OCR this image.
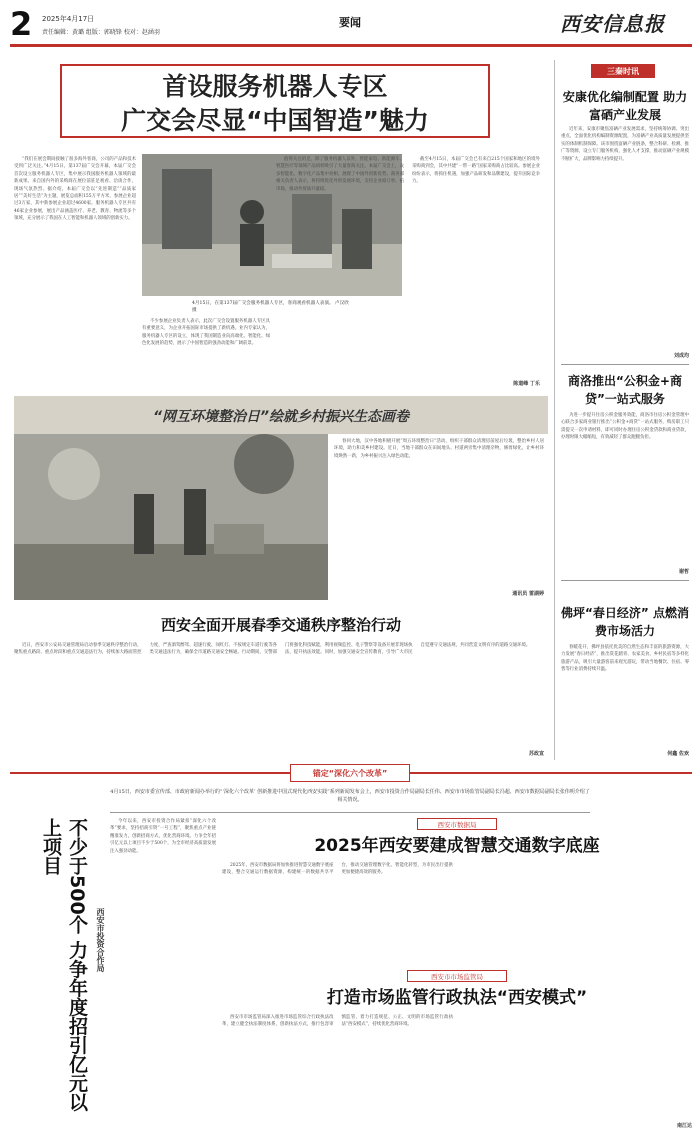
2 2025年4月17日
责任编辑：黄璐 组版：郭晓锋 校对：赵涵羽
要闻	西安信息报
首设服务机器人专区
广交会尽显“中国智造”魅力

“我们在展会期间接触了很多海外客商，公司的产品和技术受到广泛关注。”4月15日，第137届广交会开幕，本届广交会首次设立服务机器人专区，集中展示我国服务机器人领域的最新成果。来自国内外的采购商在展位前驻足观看、洽谈合作，现场气氛热烈。据介绍，本届广交会以“先进制造”“品质家居”“美好生活”为主题，展览总面积155万平方米，参展企业超过3万家，其中新参展企业超过4600家。服务机器人专区共有46家企业参展，展出产品涵盖医疗、养老、教育、物流等多个领域，充分展示了我国在人工智能和机器人领域的创新实力。

4月15日，在第137届广交会服务机器人专区，客商观看机器人表演。 卢汉欣 摄

不少参展企业负责人表示，此次广交会设置服务机器人专区具有重要意义，为企业开拓国际市场提供了新机遇。业内专家认为，服务机器人专区的设立，体现了我国制造业向高端化、智能化、绿色化发展的趋势，展示了中国智造的强劲动能和广阔前景。

值得关注的是，除了服务机器人以外，智能家电、新能源车、智慧医疗等领域产品同样吸引了大量客商关注。本届广交会上，众多智能化、数字化产品集中亮相，展现了中国外贸新优势。商务部相关负责人表示，将持续优化外贸发展环境，支持企业稳订单、拓市场，推动外贸质升量稳。

截至4月15日，本届广交会已有来自215个国家和地区的境外采购商到会，其中共建“一带一路”国家采购商占比较高。参展企业纷纷表示，将抓住机遇，加强产品研发和品牌建设，提升国际竞争力。

陈道峰 丁乐
“网互环境整治日”绘就乡村振兴生态画卷

春回大地，汉中各地积极开展“周五环境整治日”活动，组织干部群众清理房前屋后垃圾，整治乡村人居环境，助力和美乡村建设。近日，当地干部群众在田间地头、村道两旁集中清理杂物，修剪绿化，让乡村环境焕然一新，为乡村振兴注入绿色动能。

通讯员 雷湖婷
西安全面开展春季交通秩序整治行动

近日，西安市公安局交通管理局启动春季交通秩序整治行动，聚焦重点路段、重点时段和重点交通违法行为，持续加大路面管控力度，严查酒驾醉驾、超速行驶、闯红灯、不按规定车道行驶等各类交通违法行为，确保全市道路交通安全畅通。行动期间，交警部门将强化科技赋能，利用视频监控、电子警察等设备开展非现场执法，提升执法效能。同时，加强交通安全宣传教育，引导广大市民自觉遵守交通法规，共同营造文明有序的道路交通环境。

苏政宣
三秦时讯
安康优化编制配置 助力富硒产业发展

近年来，安康市聚焦富硒产业发展需求，坚持统筹协调、突出重点，全面优化机构编制资源配置，为富硒产业高质量发展提供坚实的体制机制保障。该市围绕富硒产业链条，整合科研、检测、推广等资源，设立专门服务机构，强化人才支撑，推动富硒产业规模不断扩大，品牌影响力持续提升。

刘成均
商洛推出“公积金+商贷”一站式服务

为进一步提升住房公积金服务效能，商洛市住房公积金管理中心联合多家商业银行推出“公积金+商贷”一站式服务，购房职工只需提交一次申请材料，即可同时办理住房公积金贷款和商业贷款，办理时限大幅缩短，有效减轻了群众跑腿负担。

谢哲
佛坪“春日经济” 点燃消费市场活力

春暖花开，佛坪县依托优美的自然生态和丰富的旅游资源，大力发展“春日经济”，推出赏花踏青、农家美食、乡村民宿等多样化旅游产品，吸引大量游客前来观光游玩，带动当地餐饮、住宿、零售等行业消费持续升温。

何鑫 佐欢
锚定“深化六个改革”
4月15日，西安市委宣传部、市政府新闻办举行的“‘深化六个改革’ 创新推进中国式现代化西安实践”系列新闻发布会上，西安市投资合作局副局长任伟、西安市市场监管局副局长冯超、西安市数据局副局长张伟明介绍了相关情况。
不少于500个 力争年度招引亿元以上项目
西安市投资合作局

今年以来，西安市投资合作局紧扣“深化六个改革”要求，坚持招商引资“一号工程”，聚焦重点产业链精准发力，创新招商方式，优化营商环境。力争全年招引亿元以上项目不少于500个，为全市经济高质量发展注入强劲动能。

西安市数据局
2025年西安要建成智慧交通数字底座

2025年，西安市数据局将加快推进智慧交通数字底座建设，整合交通运行数据资源，构建统一的数据共享平台，推动交通管理数字化、智能化转型，为市民出行提供更加便捷高效的服务。

西安市市场监管局
打造市场监管行政执法“西安模式”

西安市市场监管局深入推进市场监管综合行政执法改革，建立健全执法制度体系，创新执法方式，推行包容审慎监管，着力打造规范、公正、文明的市场监管行政执法“西安模式”，持续优化营商环境。

南江达
